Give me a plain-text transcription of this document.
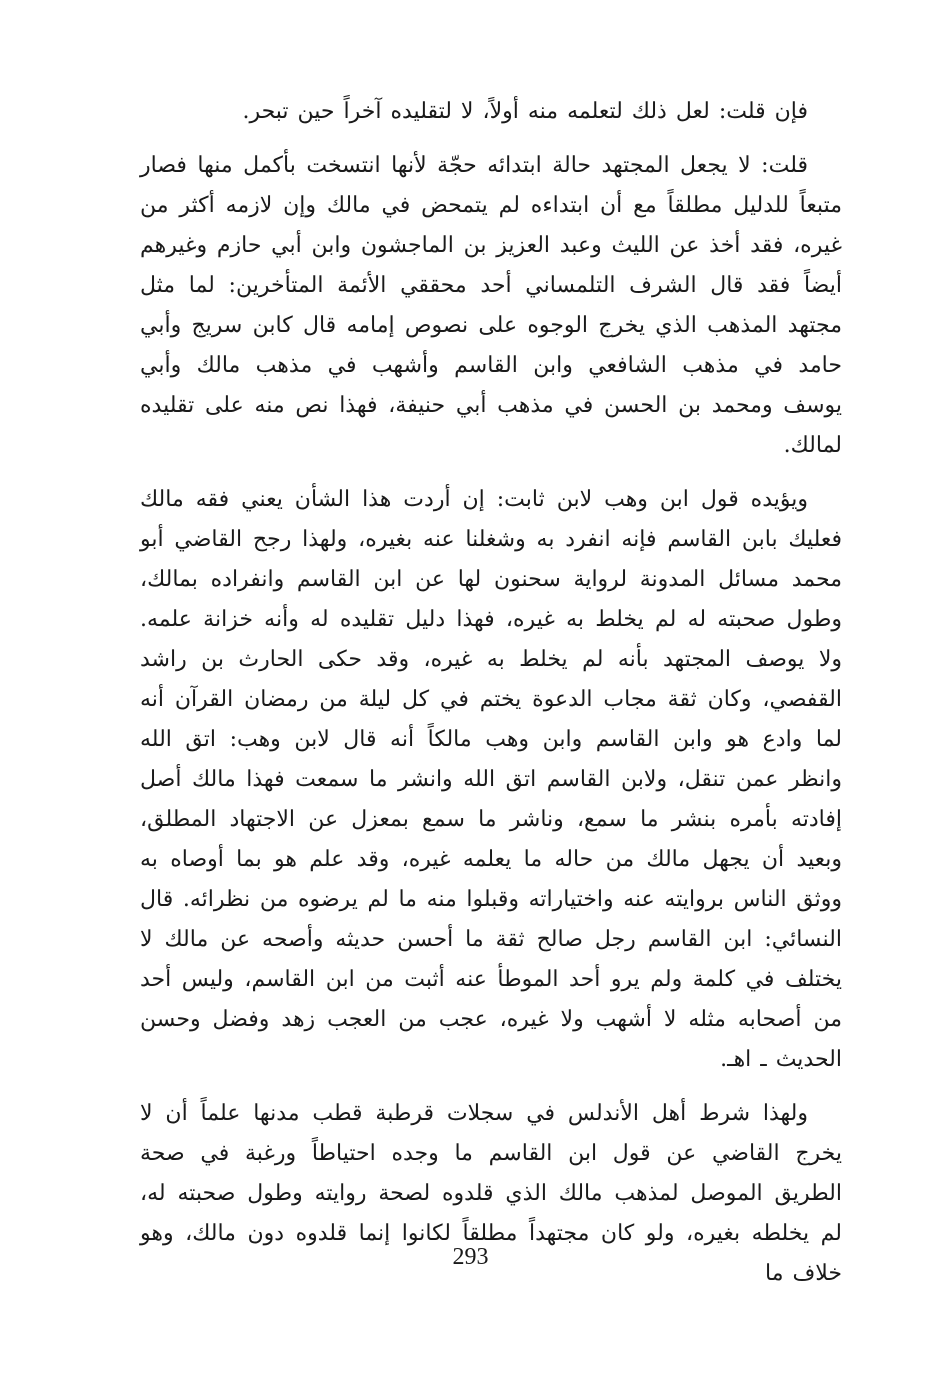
فإن قلت: لعل ذلك لتعلمه منه أولاً، لا لتقليده آخراً حين تبحر.

قلت: لا يجعل المجتهد حالة ابتدائه حجّة لأنها انتسخت بأكمل منها فصار متبعاً للدليل مطلقاً مع أن ابتداءه لم يتمحض في مالك وإن لازمه أكثر من غيره، فقد أخذ عن الليث وعبد العزيز بن الماجشون وابن أبي حازم وغيرهم أيضاً فقد قال الشرف التلمساني أحد محققي الأئمة المتأخرين: لما مثل مجتهد المذهب الذي يخرج الوجوه على نصوص إمامه قال كابن سريج وأبي حامد في مذهب الشافعي وابن القاسم وأشهب في مذهب مالك وأبي يوسف ومحمد بن الحسن في مذهب أبي حنيفة، فهذا نص منه على تقليده لمالك.

ويؤيده قول ابن وهب لابن ثابت: إن أردت هذا الشأن يعني فقه مالك فعليك بابن القاسم فإنه انفرد به وشغلنا عنه بغيره، ولهذا رجح القاضي أبو محمد مسائل المدونة لرواية سحنون لها عن ابن القاسم وانفراده بمالك، وطول صحبته له لم يخلط به غيره، فهذا دليل تقليده له وأنه خزانة علمه. ولا يوصف المجتهد بأنه لم يخلط به غيره، وقد حكى الحارث بن راشد القفصي، وكان ثقة مجاب الدعوة يختم في كل ليلة من رمضان القرآن أنه لما وادع هو وابن القاسم وابن وهب مالكاً أنه قال لابن وهب: اتق الله وانظر عمن تنقل، ولابن القاسم اتق الله وانشر ما سمعت فهذا مالك أصل إفادته بأمره بنشر ما سمع، وناشر ما سمع بمعزل عن الاجتهاد المطلق، وبعيد أن يجهل مالك من حاله ما يعلمه غيره، وقد علم هو بما أوصاه به ووثق الناس بروايته عنه واختياراته وقبلوا منه ما لم يرضوه من نظرائه. قال النسائي: ابن القاسم رجل صالح ثقة ما أحسن حديثه وأصحه عن مالك لا يختلف في كلمة ولم يرو أحد الموطأ عنه أثبت من ابن القاسم، وليس أحد من أصحابه مثله لا أشهب ولا غيره، عجب من العجب زهد وفضل وحسن الحديث ـ اهـ.

ولهذا شرط أهل الأندلس في سجلات قرطبة قطب مدنها علماً أن لا يخرج القاضي عن قول ابن القاسم ما وجده احتياطاً ورغبة في صحة الطريق الموصل لمذهب مالك الذي قلدوه لصحة روايته وطول صحبته له، لم يخلطه بغيره، ولو كان مجتهداً مطلقاً لكانوا إنما قلدوه دون مالك، وهو خلاف ما

293
